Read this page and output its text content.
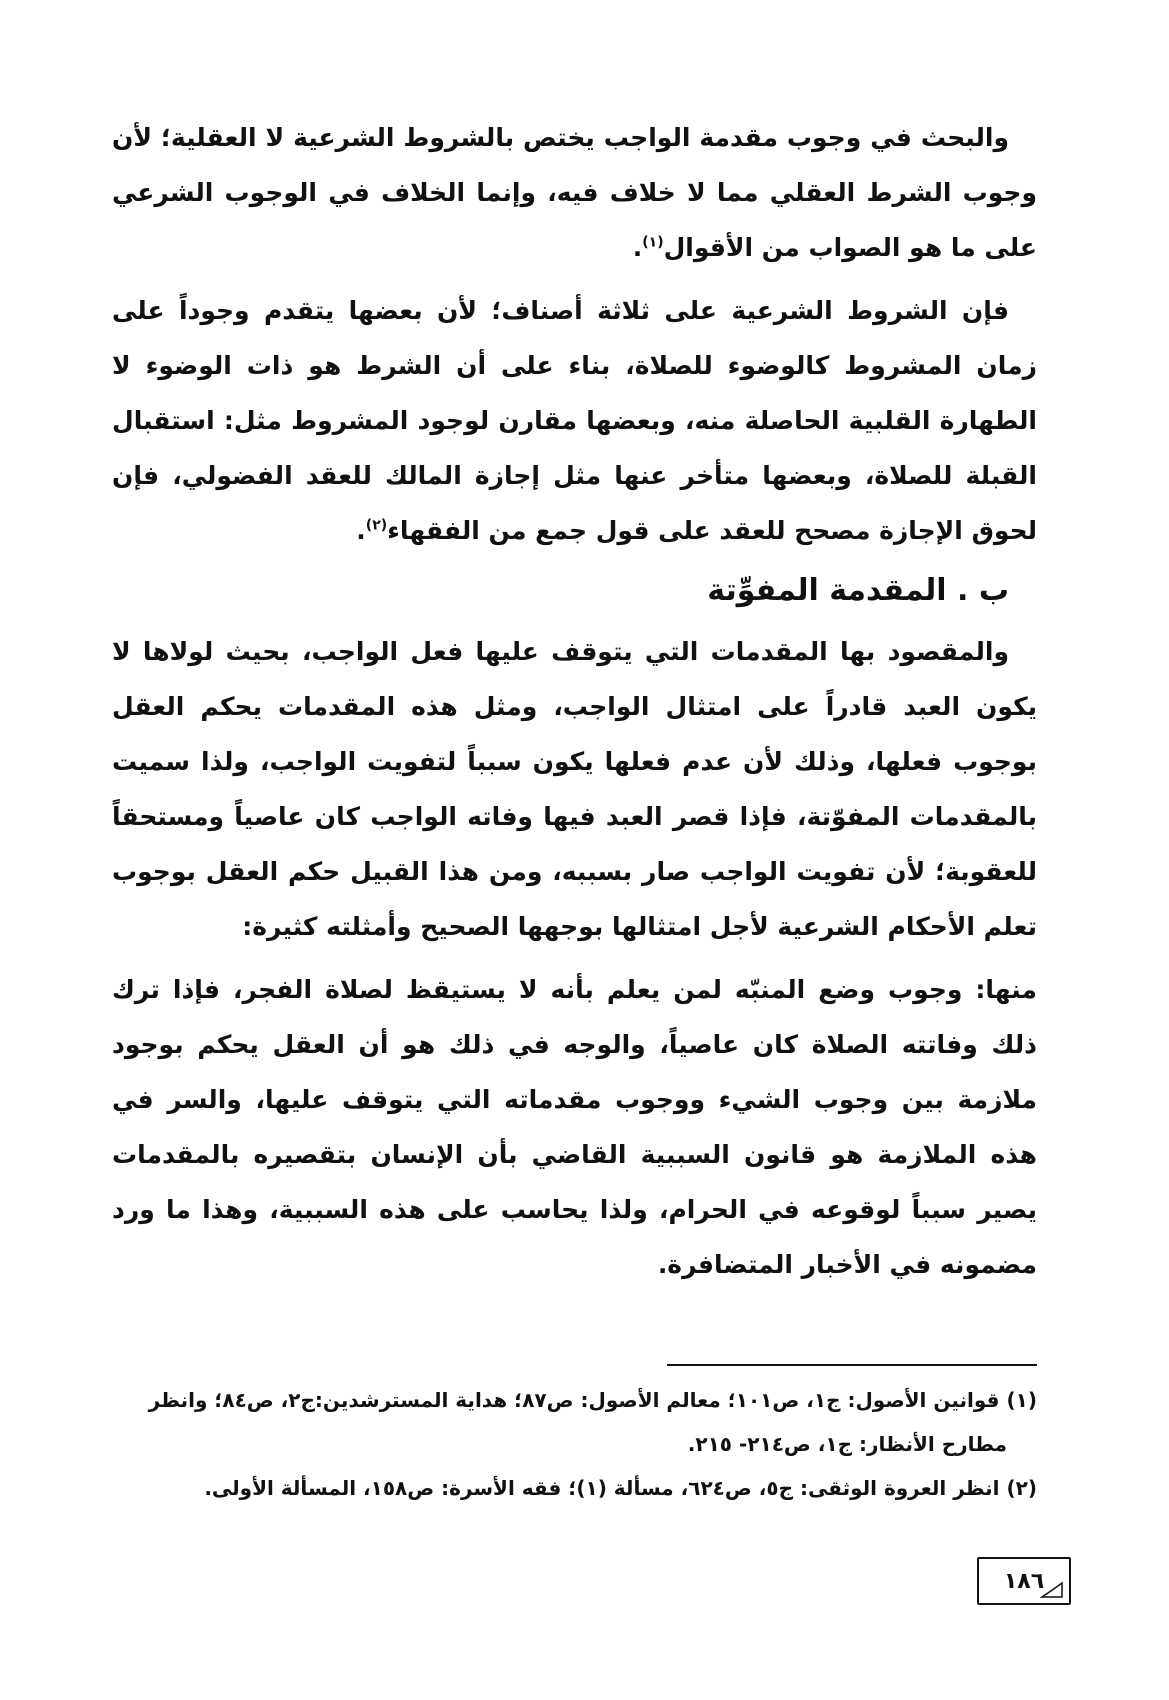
والبحث في وجوب مقدمة الواجب يختص بالشروط الشرعية لا العقلية؛ لأن وجوب الشرط العقلي مما لا خلاف فيه، وإنما الخلاف في الوجوب الشرعي على ما هو الصواب من الأقوال$^{(١)}$.

فإن الشروط الشرعية على ثلاثة أصناف؛ لأن بعضها يتقدم وجوداً على زمان المشروط كالوضوء للصلاة، بناء على أن الشرط هو ذات الوضوء لا الطهارة القلبية الحاصلة منه، وبعضها مقارن لوجود المشروط مثل: استقبال القبلة للصلاة، وبعضها متأخر عنها مثل إجازة المالك للعقد الفضولي، فإن لحوق الإجازة مصحح للعقد على قول جمع من الفقهاء$^{(٢)}$.

ب . المقدمة المفوِّتة

والمقصود بها المقدمات التي يتوقف عليها فعل الواجب، بحيث لولاها لا يكون العبد قادراً على امتثال الواجب، ومثل هذه المقدمات يحكم العقل بوجوب فعلها، وذلك لأن عدم فعلها يكون سبباً لتفويت الواجب، ولذا سميت بالمقدمات المفوّتة، فإذا قصر العبد فيها وفاته الواجب كان عاصياً ومستحقاً للعقوبة؛ لأن تفويت الواجب صار بسببه، ومن هذا القبيل حكم العقل بوجوب تعلم الأحكام الشرعية لأجل امتثالها بوجهها الصحيح وأمثلته كثيرة:

منها: وجوب وضع المنبّه لمن يعلم بأنه لا يستيقظ لصلاة الفجر، فإذا ترك ذلك وفاتته الصلاة كان عاصياً، والوجه في ذلك هو أن العقل يحكم بوجود ملازمة بين وجوب الشيء ووجوب مقدماته التي يتوقف عليها، والسر في هذه الملازمة هو قانون السببية القاضي بأن الإنسان بتقصيره بالمقدمات يصير سبباً لوقوعه في الحرام، ولذا يحاسب على هذه السببية، وهذا ما ورد مضمونه في الأخبار المتضافرة.

(١) قوانين الأصول: ج١، ص١٠١؛ معالم الأصول: ص٨٧؛ هداية المسترشدين:ج٢، ص٨٤؛ وانظر

مطارح الأنظار: ج١، ص٢١٤- ٢١٥.

(٢) انظر العروة الوثقى: ج٥، ص٦٢٤، مسألة (١)؛ فقه الأسرة: ص١٥٨، المسألة الأولى.

١٨٦
